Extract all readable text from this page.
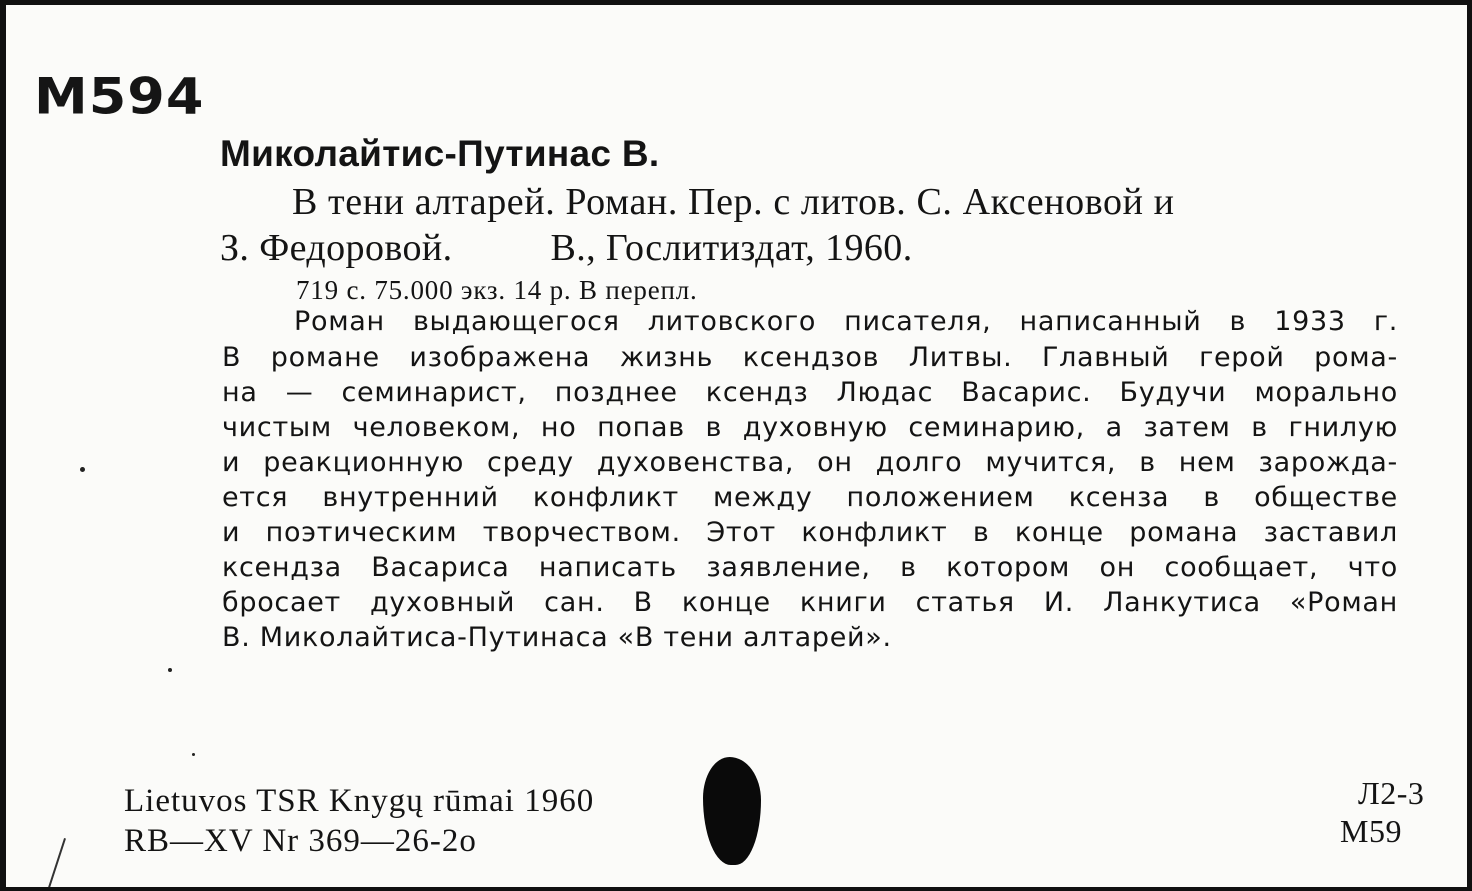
М594
Миколайтис-Путинас В.
В тени алтарей. Роман. Пер. с литов. С. Аксеновой и
З. Федоровой.	В., Гослитиздат, 1960.
719 с. 75.000 экз. 14 р. В перепл.
Роман выдающегося литовского писателя, написанный в 1933 г.
В романе изображена жизнь ксендзов Литвы. Главный герой рома-
на — семинарист, позднее ксендз Людас Васарис. Будучи морально
чистым человеком, но попав в духовную семинарию, а затем в гнилую
и реакционную среду духовенства, он долго мучится, в нем зарожда-
ется внутренний конфликт между положением ксенза в обществе
и поэтическим творчеством. Этот конфликт в конце романа заставил
ксендза Васариса написать заявление, в котором он сообщает, что
бросает духовный сан. В конце книги статья И. Ланкутиса «Роман
В. Миколайтиса-Путинаса «В тени алтарей».
Lietuvos TSR Knygų rūmai 1960
RB—XV Nr 369—26-2o
Л2-3
М59
